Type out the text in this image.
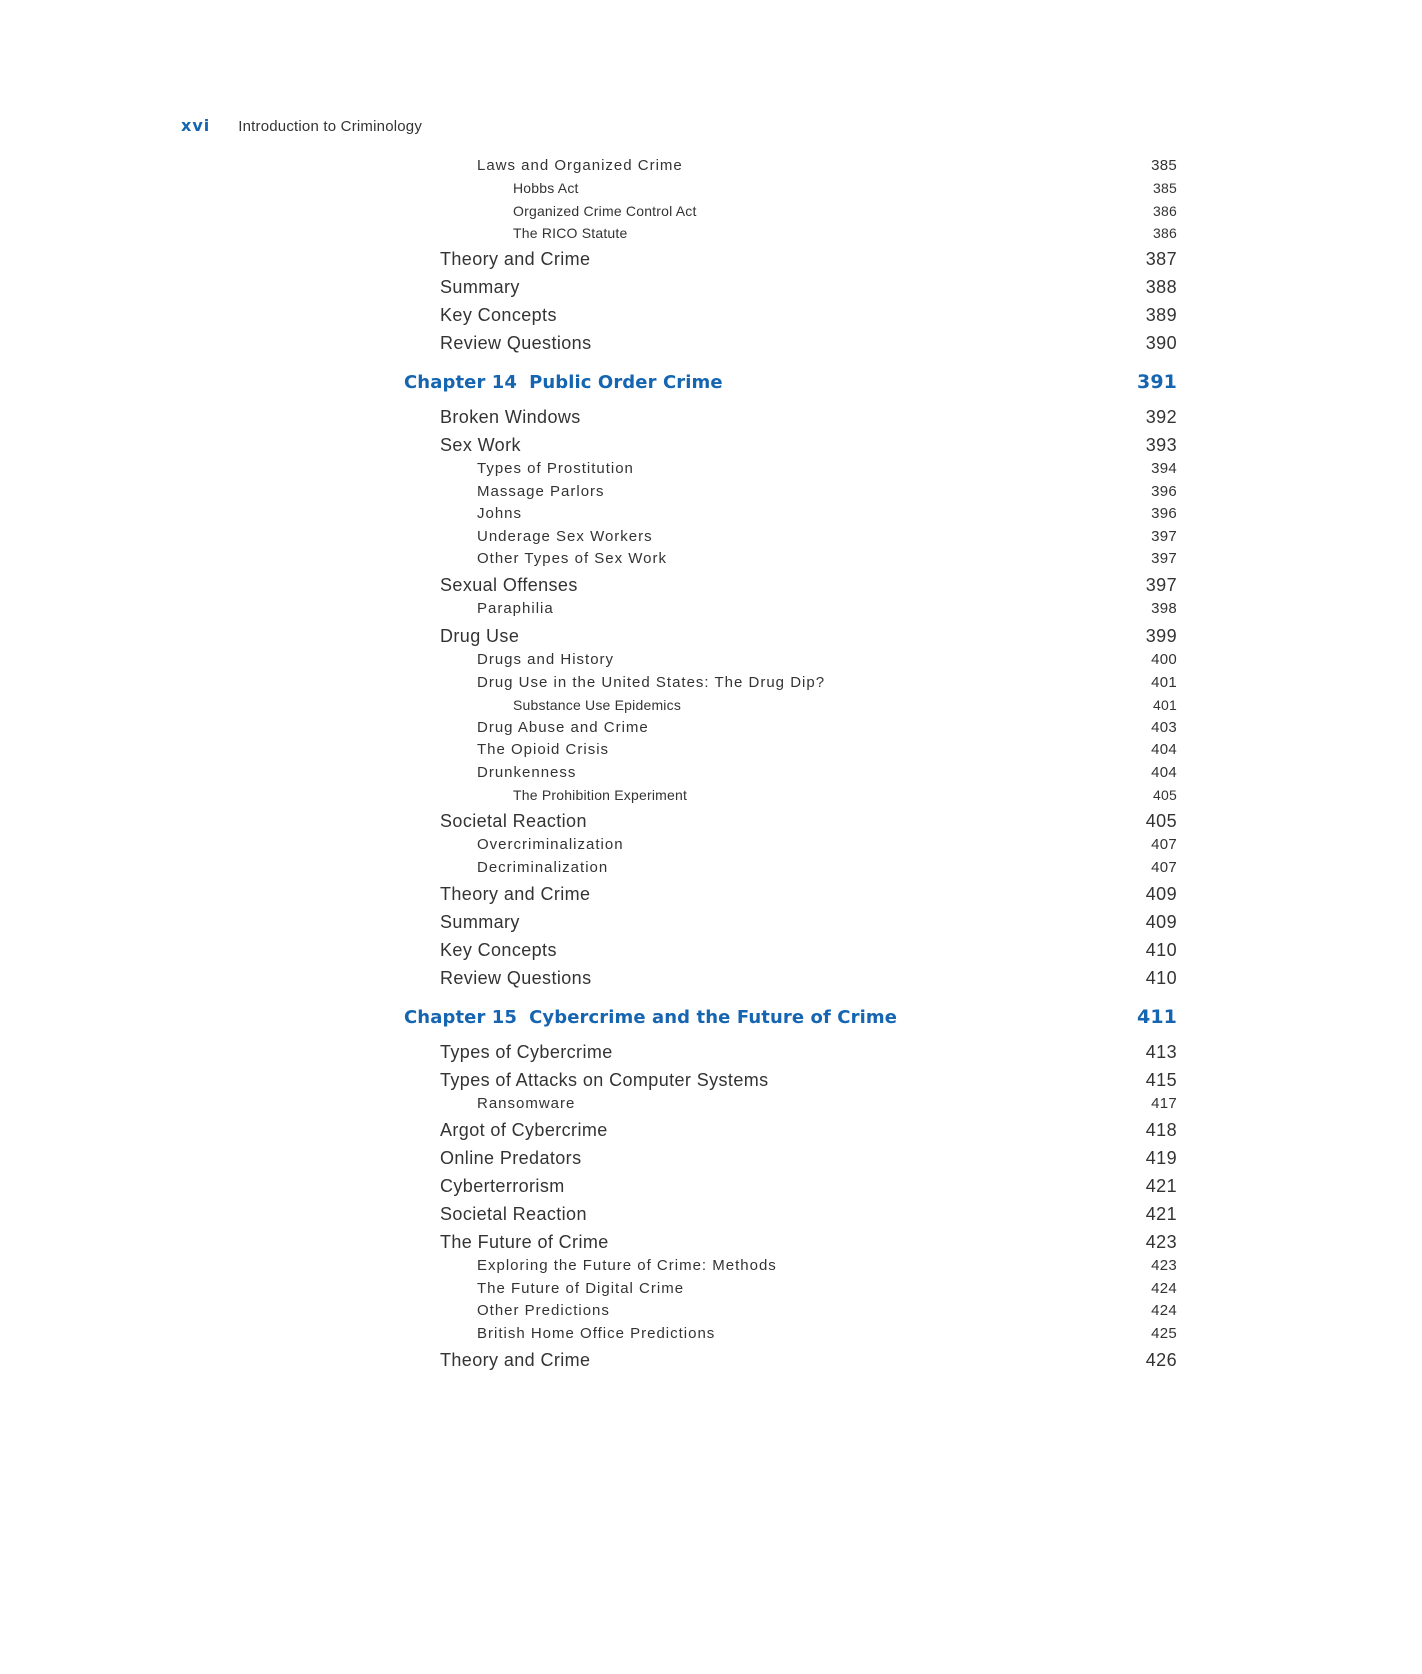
xvi Introduction to Criminology
Laws and Organized Crime	385
Hobbs Act	385
Organized Crime Control Act	386
The RICO Statute	386
Theory and Crime	387
Summary	388
Key Concepts	389
Review Questions	390
Chapter 14 Public Order Crime	391
Broken Windows	392
Sex Work	393
Types of Prostitution	394
Massage Parlors	396
Johns	396
Underage Sex Workers	397
Other Types of Sex Work	397
Sexual Offenses	397
Paraphilia	398
Drug Use	399
Drugs and History	400
Drug Use in the United States: The Drug Dip?	401
Substance Use Epidemics	401
Drug Abuse and Crime	403
The Opioid Crisis	404
Drunkenness	404
The Prohibition Experiment	405
Societal Reaction	405
Overcriminalization	407
Decriminalization	407
Theory and Crime	409
Summary	409
Key Concepts	410
Review Questions	410
Chapter 15 Cybercrime and the Future of Crime	411
Types of Cybercrime	413
Types of Attacks on Computer Systems	415
Ransomware	417
Argot of Cybercrime	418
Online Predators	419
Cyberterrorism	421
Societal Reaction	421
The Future of Crime	423
Exploring the Future of Crime: Methods	423
The Future of Digital Crime	424
Other Predictions	424
British Home Office Predictions	425
Theory and Crime	426
